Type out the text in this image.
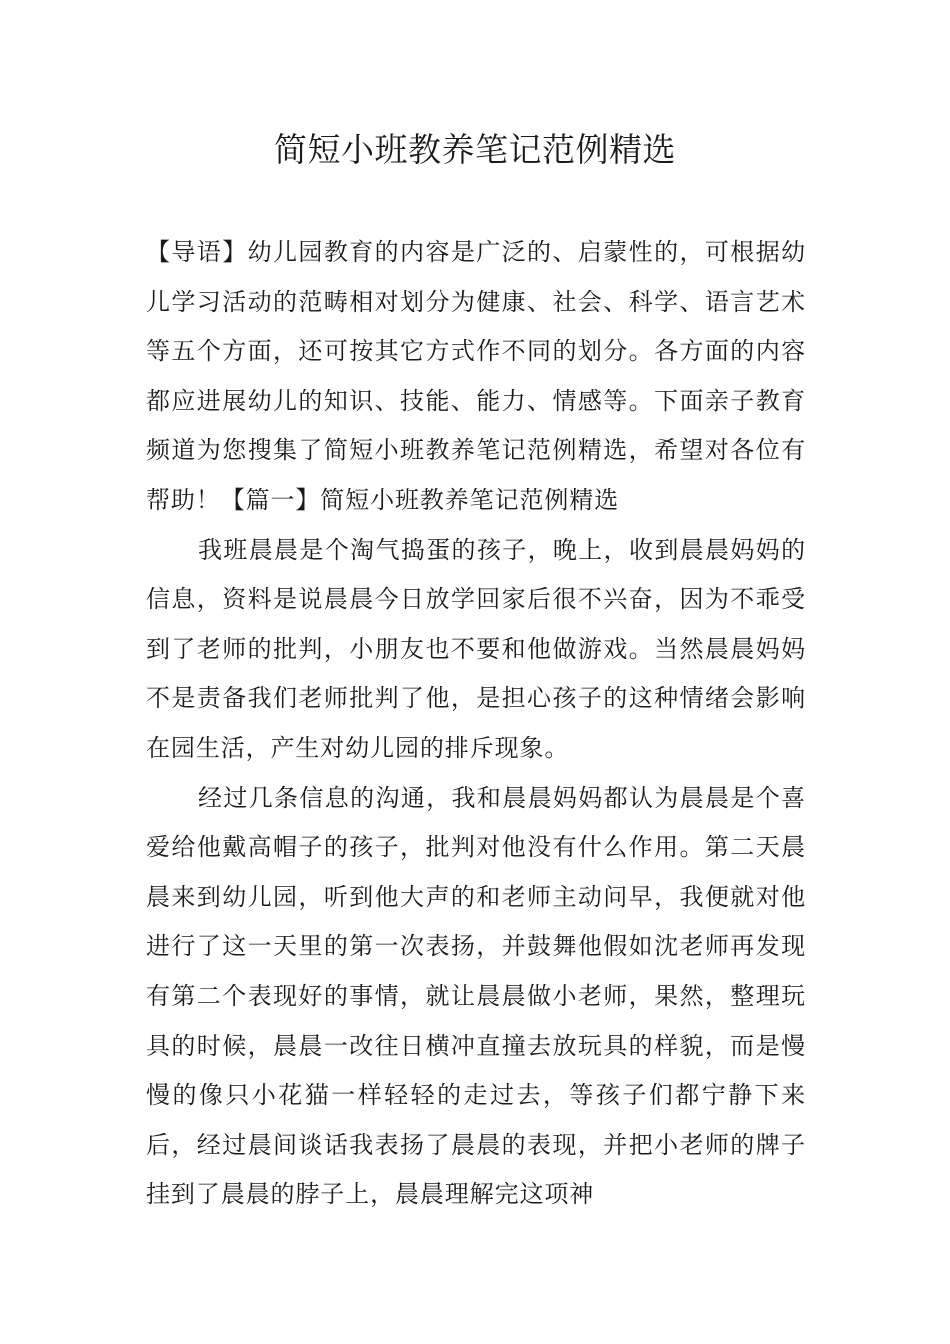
简短小班教养笔记范例精选

【导语】幼儿园教育的内容是广泛的、启蒙性的，可根据幼儿学习活动的范畴相对划分为健康、社会、科学、语言艺术等五个方面，还可按其它方式作不同的划分。各方面的内容都应进展幼儿的知识、技能、能力、情感等。下面亲子教育频道为您搜集了简短小班教养笔记范例精选，希望对各位有帮助！【篇一】简短小班教养笔记范例精选

我班晨晨是个淘气捣蛋的孩子，晚上，收到晨晨妈妈的信息，资料是说晨晨今日放学回家后很不兴奋，因为不乖受到了老师的批判，小朋友也不要和他做游戏。当然晨晨妈妈不是责备我们老师批判了他，是担心孩子的这种情绪会影响在园生活，产生对幼儿园的排斥现象。

经过几条信息的沟通，我和晨晨妈妈都认为晨晨是个喜爱给他戴高帽子的孩子，批判对他没有什么作用。第二天晨晨来到幼儿园，听到他大声的和老师主动问早，我便就对他进行了这一天里的第一次表扬，并鼓舞他假如沈老师再发现有第二个表现好的事情，就让晨晨做小老师，果然，整理玩具的时候，晨晨一改往日横冲直撞去放玩具的样貌，而是慢慢的像只小花猫一样轻轻的走过去，等孩子们都宁静下来后，经过晨间谈话我表扬了晨晨的表现，并把小老师的牌子挂到了晨晨的脖子上，晨晨理解完这项神
